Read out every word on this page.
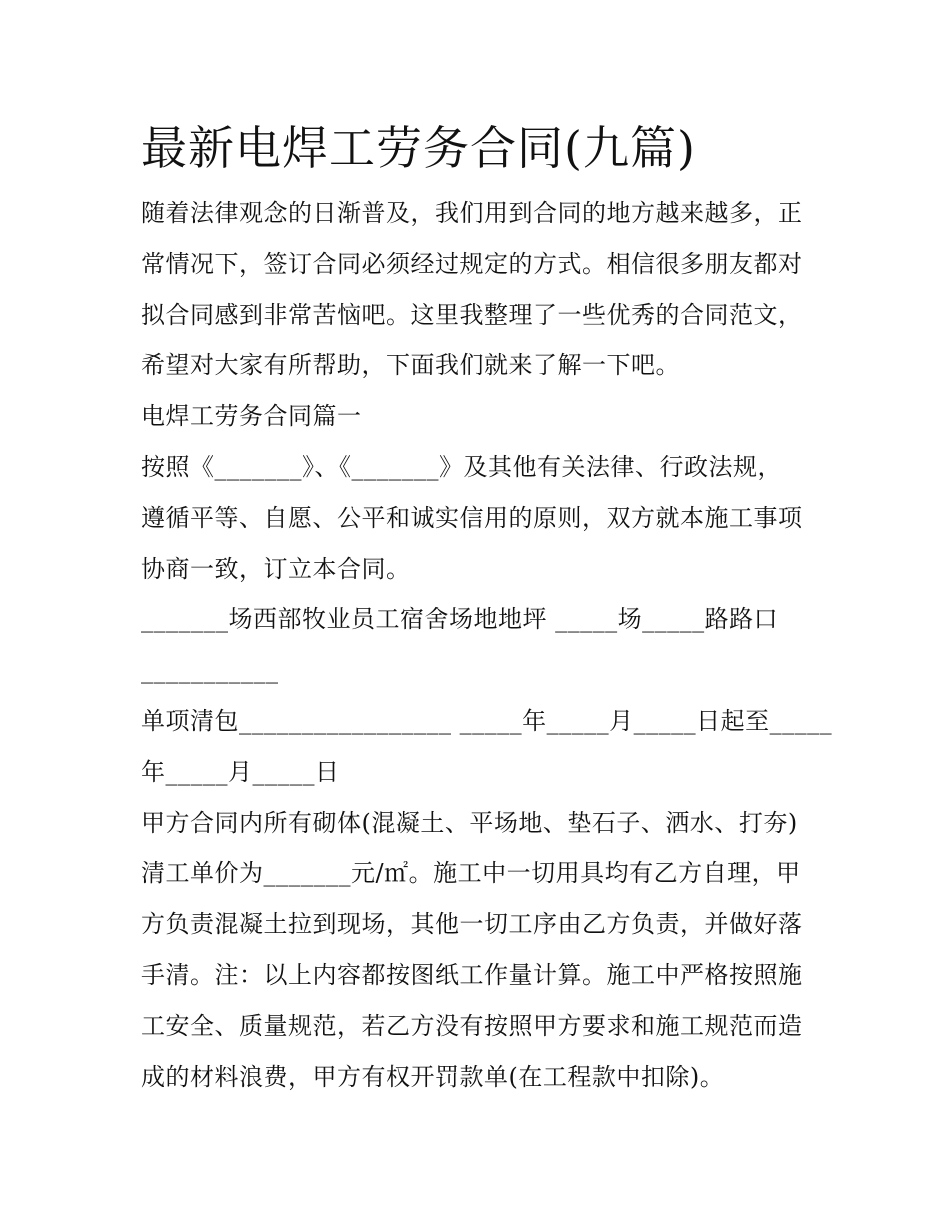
最新电焊工劳务合同(九篇)
随着法律观念的日渐普及，我们用到合同的地方越来越多，正
常情况下，签订合同必须经过规定的方式。相信很多朋友都对
拟合同感到非常苦恼吧。这里我整理了一些优秀的合同范文，
希望对大家有所帮助，下面我们就来了解一下吧。
电焊工劳务合同篇一
按照《_______》、《_______》及其他有关法律、行政法规，
遵循平等、自愿、公平和诚实信用的原则，双方就本施工事项
协商一致，订立本合同。
_______场西部牧业员工宿舍场地地坪 _____场_____路路口
___________
单项清包_________________ _____年_____月_____日起至_____
年_____月_____日
甲方合同内所有砌体(混凝土、平场地、垫石子、洒水、打夯)
清工单价为_______元/㎡。施工中一切用具均有乙方自理，甲
方负责混凝土拉到现场，其他一切工序由乙方负责，并做好落
手清。注：以上内容都按图纸工作量计算。施工中严格按照施
工安全、质量规范，若乙方没有按照甲方要求和施工规范而造
成的材料浪费，甲方有权开罚款单(在工程款中扣除)。
